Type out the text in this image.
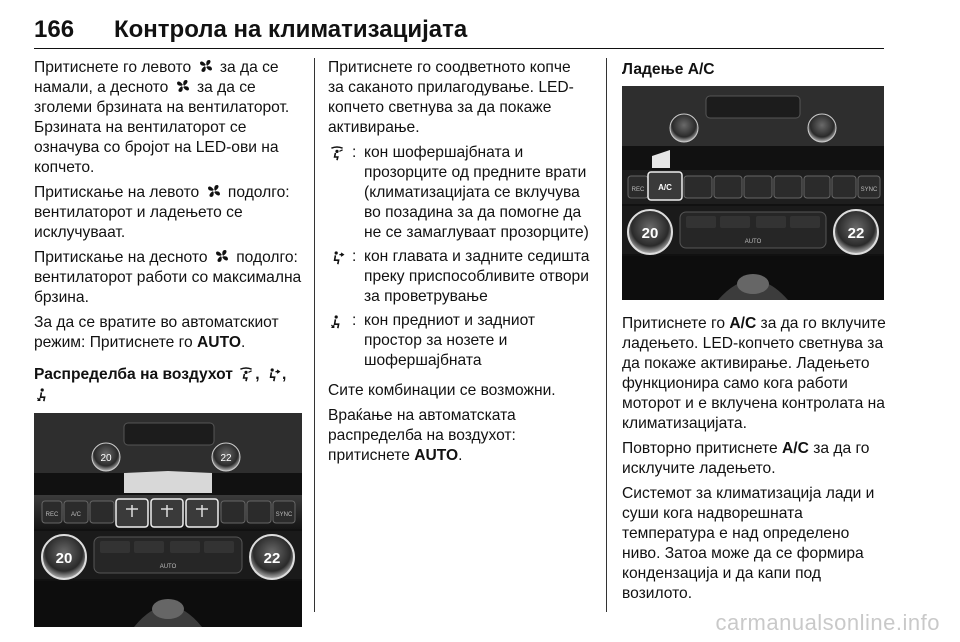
166 Контрола на климатизацијата

Притиснете го левото за да се намали, а десното за да се зголеми брзината на вентилаторот. Брзината на вентилаторот се означува со бројот на LED-ови на копчето.

Притискање на левото подолго: вентилаторот и ладењето се исклучуваат.

Притискање на десното подолго: вентилаторот работи со максимална брзина.

За да се вратите во автоматскиот режим: Притиснете го AUTO.

Распределба на воздухот , ,

20	22
REC A/C	SYNC
20	22
AUTO

Притиснете го соодветното копче за саканото прилагодување. LED-копчето светнува за да покаже активирање.

: кон шофершајбната и прозорците од предните врати (климатизацијата се вклучува во позадина за да помогне да не се замаглуваат прозорците)
: кон главата и задните седишта преку приспособливите отвори за проветрување
: кон предниот и задниот простор за нозете и шофершајбната

Сите комбинации се возможни.

Враќање на автоматската распределба на воздухот: притиснете AUTO.

Ладење A/C

REC A/C	SYNC
20	22
AUTO

Притиснете го A/C за да го вклучите ладењето. LED-копчето светнува за да покаже активирање. Ладењето функционира само кога работи моторот и е вклучена контролата на климатизацијата.

Повторно притиснете A/C за да го исклучите ладењето.

Системот за климатизација лади и суши кога надворешната температура е над определено ниво. Затоа може да се формира кондензација и да капи под возилото.

carmanualsonline.info
